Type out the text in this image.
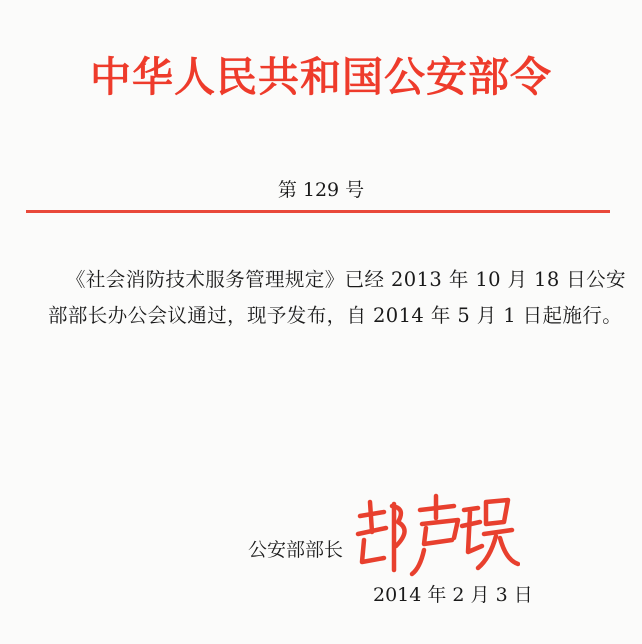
中华人民共和国公安部令
第 129 号
《社会消防技术服务管理规定》已经 2013 年 10 月 18 日公安部部长办公会议通过，现予发布，自 2014 年 5 月 1 日起施行。
公安部部长
2014 年 2 月 3 日
